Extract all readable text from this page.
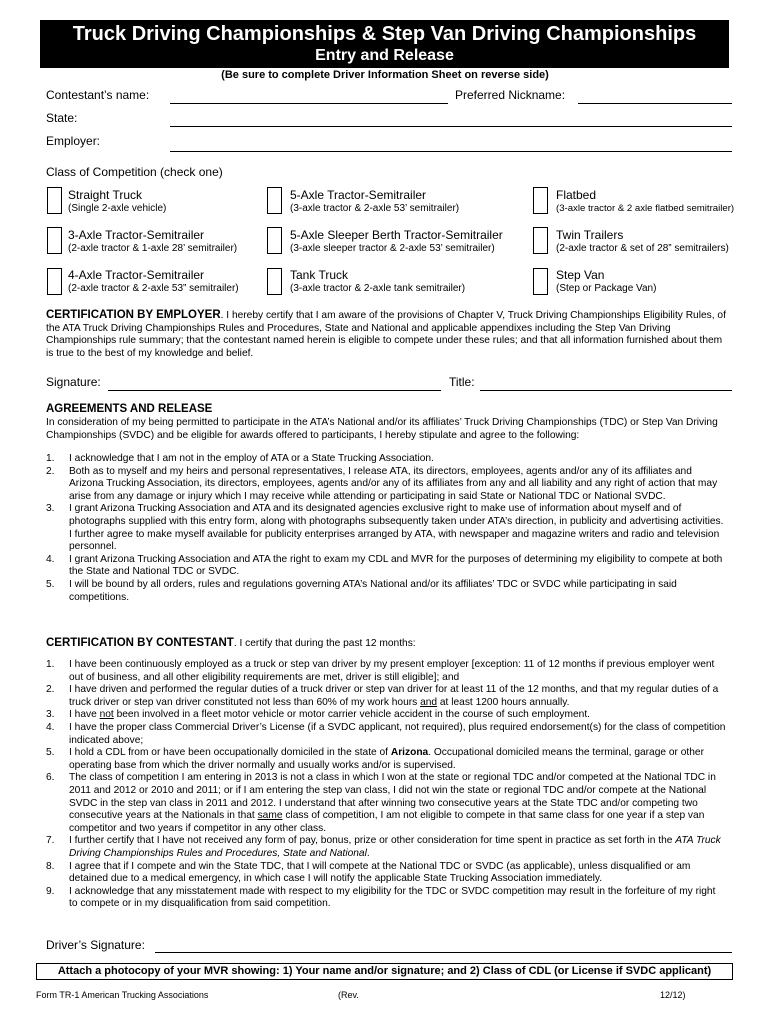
Truck Driving Championships & Step Van Driving Championships
Entry and Release
(Be sure to complete Driver Information Sheet on reverse side)
Contestant’s name:	Preferred Nickname:
State:
Employer:
Class of Competition (check one)
Straight Truck
(Single 2-axle vehicle)
5-Axle Tractor-Semitrailer
(3-axle tractor & 2-axle 53’ semitrailer)
Flatbed
(3-axle tractor & 2 axle flatbed semitrailer)
3-Axle Tractor-Semitrailer
(2-axle tractor & 1-axle 28’ semitrailer)
5-Axle Sleeper Berth Tractor-Semitrailer
(3-axle sleeper tractor & 2-axle 53’ semitrailer)
Twin Trailers
(2-axle tractor & set of 28” semitrailers)
4-Axle Tractor-Semitrailer
(2-axle tractor & 2-axle 53” semitrailer)
Tank Truck
(3-axle tractor & 2-axle tank semitrailer)
Step Van
(Step or Package Van)
CERTIFICATION BY EMPLOYER. I hereby certify that I am aware of the provisions of Chapter V, Truck Driving Championships Eligibility Rules, of the ATA Truck Driving Championships Rules and Procedures, State and National and applicable appendixes including the Step Van Driving Championships rule summary; that the contestant named herein is eligible to compete under these rules; and that all information furnished about them is true to the best of my knowledge and belief.
Signature:	Title:
AGREEMENTS AND RELEASE
In consideration of my being permitted to participate in the ATA’s National and/or its affiliates’ Truck Driving Championships (TDC) or Step Van Driving Championships (SVDC) and be eligible for awards offered to participants, I hereby stipulate and agree to the following:
1. I acknowledge that I am not in the employ of ATA or a State Trucking Association.
2. Both as to myself and my heirs and personal representatives, I release ATA, its directors, employees, agents and/or any of its affiliates and Arizona Trucking Association, its directors, employees, agents and/or any of its affiliates from any and all liability and any right of action that may arise from any damage or injury which I may receive while attending or participating in said State or National TDC or National SVDC.
3. I grant Arizona Trucking Association and ATA and its designated agencies exclusive right to make use of information about myself and of photographs supplied with this entry form, along with photographs subsequently taken under ATA’s direction, in publicity and advertising activities. I further agree to make myself available for publicity enterprises arranged by ATA, with newspaper and magazine writers and radio and television personnel.
4. I grant Arizona Trucking Association and ATA the right to exam my CDL and MVR for the purposes of determining my eligibility to compete at both the State and National TDC or SVDC.
5. I will be bound by all orders, rules and regulations governing ATA’s National and/or its affiliates’ TDC or SVDC while participating in said competitions.
CERTIFICATION BY CONTESTANT. I certify that during the past 12 months:
1. I have been continuously employed as a truck or step van driver by my present employer [exception: 11 of 12 months if previous employer went out of business, and all other eligibility requirements are met, driver is still eligible]; and
2. I have driven and performed the regular duties of a truck driver or step van driver for at least 11 of the 12 months, and that my regular duties of a truck driver or step van driver constituted not less than 60% of my work hours and at least 1200 hours annually.
3. I have not been involved in a fleet motor vehicle or motor carrier vehicle accident in the course of such employment.
4. I have the proper class Commercial Driver’s License (if a SVDC applicant, not required), plus required endorsement(s) for the class of competition indicated above;
5. I hold a CDL from or have been occupationally domiciled in the state of Arizona. Occupational domiciled means the terminal, garage or other operating base from which the driver normally and usually works and/or is supervised.
6. The class of competition I am entering in 2013 is not a class in which I won at the state or regional TDC and/or competed at the National TDC in 2011 and 2012 or 2010 and 2011; or if I am entering the step van class, I did not win the state or regional TDC and/or compete at the National SVDC in the step van class in 2011 and 2012. I understand that after winning two consecutive years at the State TDC and/or competing two consecutive years at the Nationals in that same class of competition, I am not eligible to compete in that same class for one year if a step van competitor and two years if competitor in any other class.
7. I further certify that I have not received any form of pay, bonus, prize or other consideration for time spent in practice as set forth in the ATA Truck Driving Championships Rules and Procedures, State and National.
8. I agree that if I compete and win the State TDC, that I will compete at the National TDC or SVDC (as applicable), unless disqualified or am detained due to a medical emergency, in which case I will notify the applicable State Trucking Association immediately.
9. I acknowledge that any misstatement made with respect to my eligibility for the TDC or SVDC competition may result in the forfeiture of my right to compete or in my disqualification from said competition.
Driver’s Signature:
Attach a photocopy of your MVR showing: 1) Your name and/or signature; and 2) Class of CDL (or License if SVDC applicant)
Form TR-1 American Trucking Associations	(Rev.	12/12)
